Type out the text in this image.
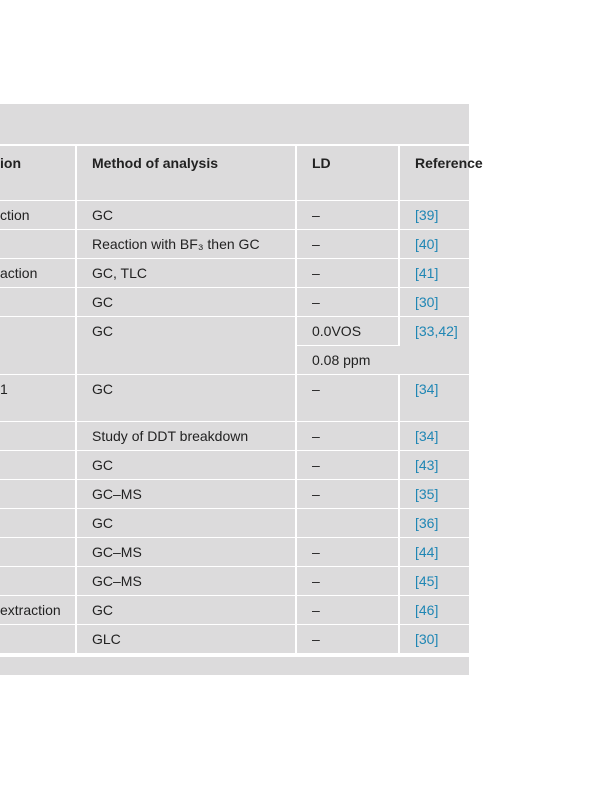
ion	Method of analysis	LD	Reference
ction	GC	–	[39]
	Reaction with BF₃ then GC	–	[40]
action	GC, TLC	–	[41]
	GC	–	[30]
	GC	0.0VOS	[33,42]
		0.08 ppm	
1	GC	–	[34]
	Study of DDT breakdown	–	[34]
	GC	–	[43]
	GC–MS	–	[35]
	GC		[36]
	GC–MS	–	[44]
	GC–MS	–	[45]
extraction	GC	–	[46]
	GLC	–	[30]
